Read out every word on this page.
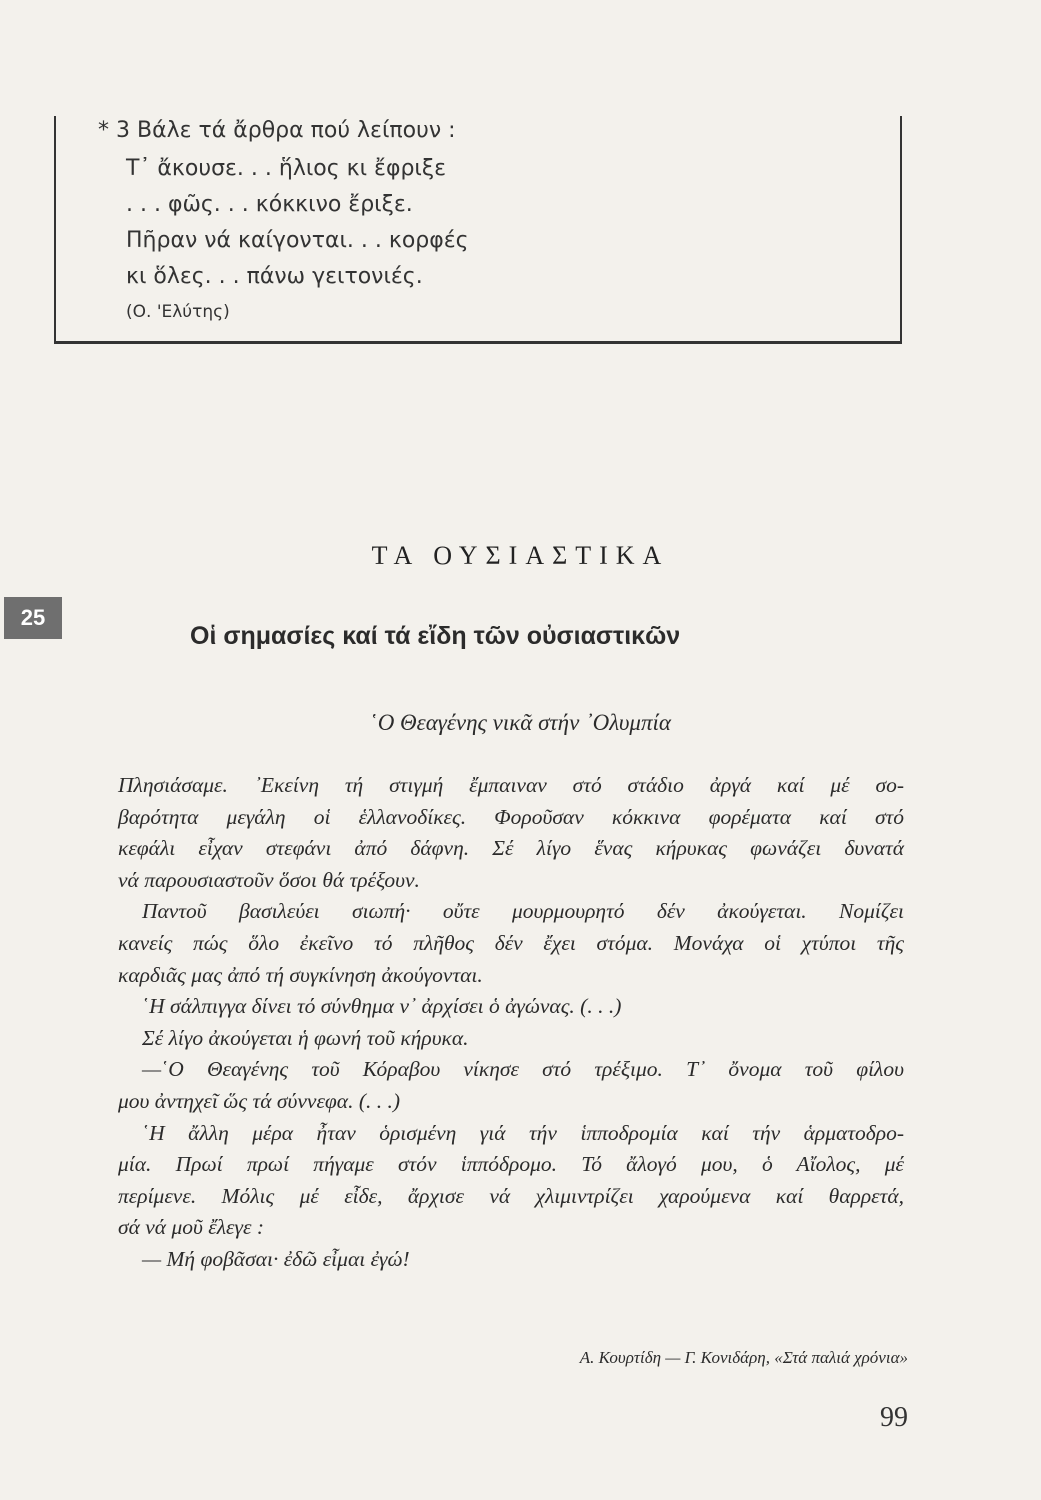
* 3 Βάλε τά ἄρθρα πού λείπουν :
Τ᾽ ἄκουσε. . . ἥλιος κι ἔφριξε
. . . φῶς. . . κόκκινο ἔριξε.
Πῆραν νά καίγονται. . . κορφές
κι ὅλες. . . πάνω γειτονιές.
(Ο. 'Ελύτης)
ΤΑ ΟΥΣΙΑΣΤΙΚΑ
25
Οἱ σημασίες καί τά εἴδη τῶν οὐσιαστικῶν
῾Ο Θεαγένης νικᾶ στήν ᾽Ολυμπία
Πλησιάσαμε. ᾽Εκείνη τή στιγμή ἔμπαιναν στό στάδιο ἀργά καί μέ σο-
βαρότητα μεγάλη οἱ ἑλλανοδίκες. Φοροῦσαν κόκκινα φορέματα καί στό
κεφάλι εἶχαν στεφάνι ἀπό δάφνη. Σέ λίγο ἕνας κήρυκας φωνάζει δυνατά
νά παρουσιαστοῦν ὅσοι θά τρέξουν.
Παντοῦ βασιλεύει σιωπή· οὔτε μουρμουρητό δέν ἀκούγεται. Νομίζει
κανείς πώς ὅλο ἐκεῖνο τό πλῆθος δέν ἔχει στόμα. Μονάχα οἱ χτύποι τῆς
καρδιᾶς μας ἀπό τή συγκίνηση ἀκούγονται.
῾Η σάλπιγγα δίνει τό σύνθημα ν᾽ ἀρχίσει ὁ ἀγώνας. (. . .)
Σέ λίγο ἀκούγεται ἡ φωνή τοῦ κήρυκα.
—῾Ο Θεαγένης τοῦ Κόραβου νίκησε στό τρέξιμο. Τ᾽ ὄνομα τοῦ φίλου
μου ἀντηχεῖ ὥς τά σύννεφα. (. . .)
῾Η ἄλλη μέρα ἦταν ὁρισμένη γιά τήν ἱπποδρομία καί τήν ἁρματοδρο-
μία. Πρωί πρωί πήγαμε στόν ἱππόδρομο. Τό ἄλογό μου, ὁ Αἴολος, μέ
περίμενε. Μόλις μέ εἶδε, ἄρχισε νά χλιμιντρίζει χαρούμενα καί θαρρετά,
σά νά μοῦ ἔλεγε :
— Μή φοβᾶσαι· ἐδῶ εἶμαι ἐγώ!
Α. Κουρτίδη — Γ. Κονιδάρη, «Στά παλιά χρόνια»
99
